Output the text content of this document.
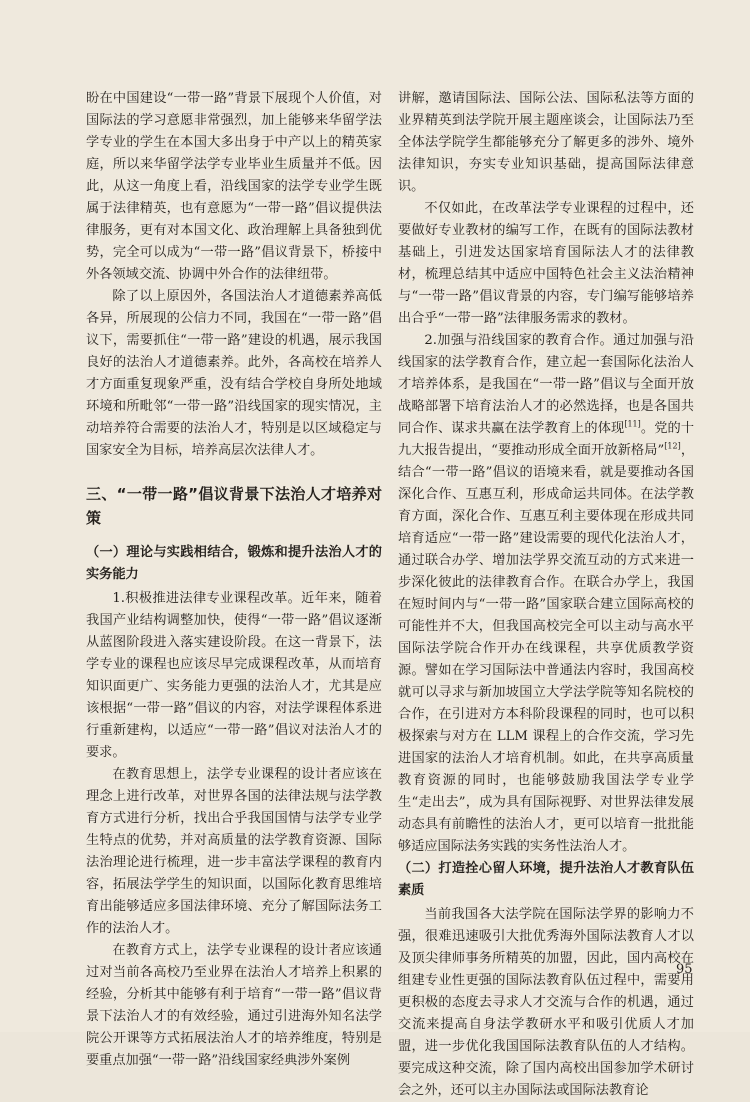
盼在中国建设“一带一路”背景下展现个人价值，对国际法的学习意愿非常强烈，加上能够来华留学法学专业的学生在本国大多出身于中产以上的精英家庭，所以来华留学法学专业毕业生质量并不低。因此，从这一角度上看，沿线国家的法学专业学生既属于法律精英，也有意愿为“一带一路”倡议提供法律服务，更有对本国文化、政治理解上具备独到优势，完全可以成为“一带一路”倡议背景下，桥接中外各领域交流、协调中外合作的法律纽带。

除了以上原因外，各国法治人才道德素养高低各异，所展现的公信力不同，我国在“一带一路”倡议下，需要抓住“一带一路”建设的机遇，展示我国良好的法治人才道德素养。此外，各高校在培养人才方面重复现象严重，没有结合学校自身所处地域环境和所毗邻“一带一路”沿线国家的现实情况，主动培养符合需要的法治人才，特别是以区域稳定与国家安全为目标，培养高层次法律人才。

三、“一带一路”倡议背景下法治人才培养对策
（一）理论与实践相结合，锻炼和提升法治人才的实务能力

1.积极推进法律专业课程改革。近年来，随着我国产业结构调整加快，使得“一带一路”倡议逐渐从蓝图阶段进入落实建设阶段。在这一背景下，法学专业的课程也应该尽早完成课程改革，从而培育知识面更广、实务能力更强的法治人才，尤其是应该根据“一带一路”倡议的内容，对法学课程体系进行重新建构，以适应“一带一路”倡议对法治人才的要求。

在教育思想上，法学专业课程的设计者应该在理念上进行改革，对世界各国的法律法规与法学教育方式进行分析，找出合乎我国国情与法学专业学生特点的优势，并对高质量的法学教育资源、国际法治理论进行梳理，进一步丰富法学课程的教育内容，拓展法学学生的知识面，以国际化教育思维培育出能够适应多国法律环境、充分了解国际法务工作的法治人才。

在教育方式上，法学专业课程的设计者应该通过对当前各高校乃至业界在法治人才培养上积累的经验，分析其中能够有利于培育“一带一路”倡议背景下法治人才的有效经验，通过引进海外知名法学院公开课等方式拓展法治人才的培养维度，特别是要重点加强“一带一路”沿线国家经典涉外案例

讲解，邀请国际法、国际公法、国际私法等方面的业界精英到法学院开展主题座谈会，让国际法乃至全体法学院学生都能够充分了解更多的涉外、境外法律知识，夯实专业知识基础，提高国际法律意识。

不仅如此，在改革法学专业课程的过程中，还要做好专业教材的编写工作，在既有的国际法教材基础上，引进发达国家培育国际法人才的法律教材，梳理总结其中适应中国特色社会主义法治精神与“一带一路”倡议背景的内容，专门编写能够培养出合乎“一带一路”法律服务需求的教材。

2.加强与沿线国家的教育合作。通过加强与沿线国家的法学教育合作，建立起一套国际化法治人才培养体系，是我国在“一带一路”倡议与全面开放战略部署下培育法治人才的必然选择，也是各国共同合作、谋求共赢在法学教育上的体现[11]。党的十九大报告提出，“要推动形成全面开放新格局”[12]，结合“一带一路”倡议的语境来看，就是要推动各国深化合作、互惠互利，形成命运共同体。在法学教育方面，深化合作、互惠互利主要体现在形成共同培育适应“一带一路”建设需要的现代化法治人才，通过联合办学、增加法学界交流互动的方式来进一步深化彼此的法律教育合作。在联合办学上，我国在短时间内与“一带一路”国家联合建立国际高校的可能性并不大，但我国高校完全可以主动与高水平国际法学院合作开办在线课程，共享优质教学资源。譬如在学习国际法中普通法内容时，我国高校就可以寻求与新加坡国立大学法学院等知名院校的合作，在引进对方本科阶段课程的同时，也可以积极探索与对方在 LLM 课程上的合作交流，学习先进国家的法治人才培育机制。如此，在共享高质量教育资源的同时，也能够鼓励我国法学专业学生“走出去”，成为具有国际视野、对世界法律发展动态具有前瞻性的法治人才，更可以培育一批批能够适应国际法务实践的实务性法治人才。

（二）打造拴心留人环境，提升法治人才教育队伍素质

当前我国各大法学院在国际法学界的影响力不强，很难迅速吸引大批优秀海外国际法教育人才以及顶尖律师事务所精英的加盟，因此，国内高校在组建专业性更强的国际法教育队伍过程中，需要用更积极的态度去寻求人才交流与合作的机遇，通过交流来提高自身法学教研水平和吸引优质人才加盟，进一步优化我国国际法教育队伍的人才结构。要完成这种交流，除了国内高校出国参加学术研讨会之外，还可以主办国际法或国际法教育论

95
